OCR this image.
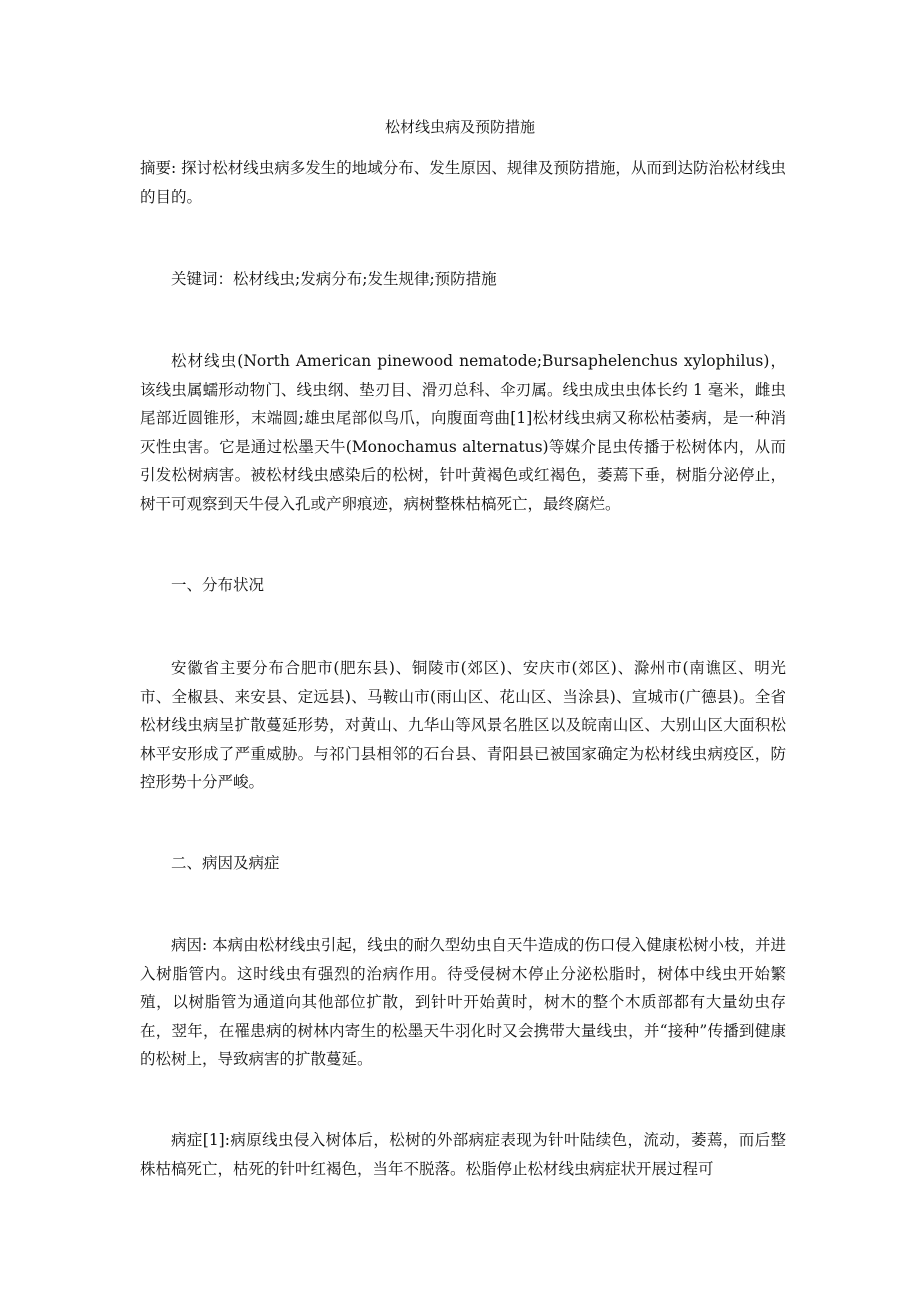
松材线虫病及预防措施

摘要: 探讨松材线虫病多发生的地域分布、发生原因、规律及预防措施，从而到达防治松材线虫的目的。

关键词：松材线虫;发病分布;发生规律;预防措施

松材线虫(North American pinewood nematode;Bursaphelenchus xylophilus)，该线虫属蠕形动物门、线虫纲、垫刃目、滑刃总科、伞刃属。线虫成虫虫体长约 1 毫米，雌虫尾部近圆锥形，末端圆;雄虫尾部似鸟爪，向腹面弯曲[1]松材线虫病又称松枯萎病，是一种消灭性虫害。它是通过松墨天牛(Monochamus alternatus)等媒介昆虫传播于松树体内，从而引发松树病害。被松材线虫感染后的松树，针叶黄褐色或红褐色，萎蔫下垂，树脂分泌停止，树干可观察到天牛侵入孔或产卵痕迹，病树整株枯槁死亡，最终腐烂。

一、分布状况

安徽省主要分布合肥市(肥东县)、铜陵市(郊区)、安庆市(郊区)、滁州市(南谯区、明光市、全椒县、来安县、定远县)、马鞍山市(雨山区、花山区、当涂县)、宣城市(广德县)。全省松材线虫病呈扩散蔓延形势，对黄山、九华山等风景名胜区以及皖南山区、大别山区大面积松林平安形成了严重威胁。与祁门县相邻的石台县、青阳县已被国家确定为松材线虫病疫区，防控形势十分严峻。

二、病因及病症

病因: 本病由松材线虫引起，线虫的耐久型幼虫自天牛造成的伤口侵入健康松树小枝，并进入树脂管内。这时线虫有强烈的治病作用。待受侵树木停止分泌松脂时，树体中线虫开始繁殖，以树脂管为通道向其他部位扩散，到针叶开始黄时，树木的整个木质部都有大量幼虫存在，翌年，在罹患病的树林内寄生的松墨天牛羽化时又会携带大量线虫，并“接种”传播到健康的松树上，导致病害的扩散蔓延。

病症[1]:病原线虫侵入树体后，松树的外部病症表现为针叶陆续色，流动，萎蔫，而后整株枯槁死亡，枯死的针叶红褐色，当年不脱落。松脂停止松材线虫病症状开展过程可
